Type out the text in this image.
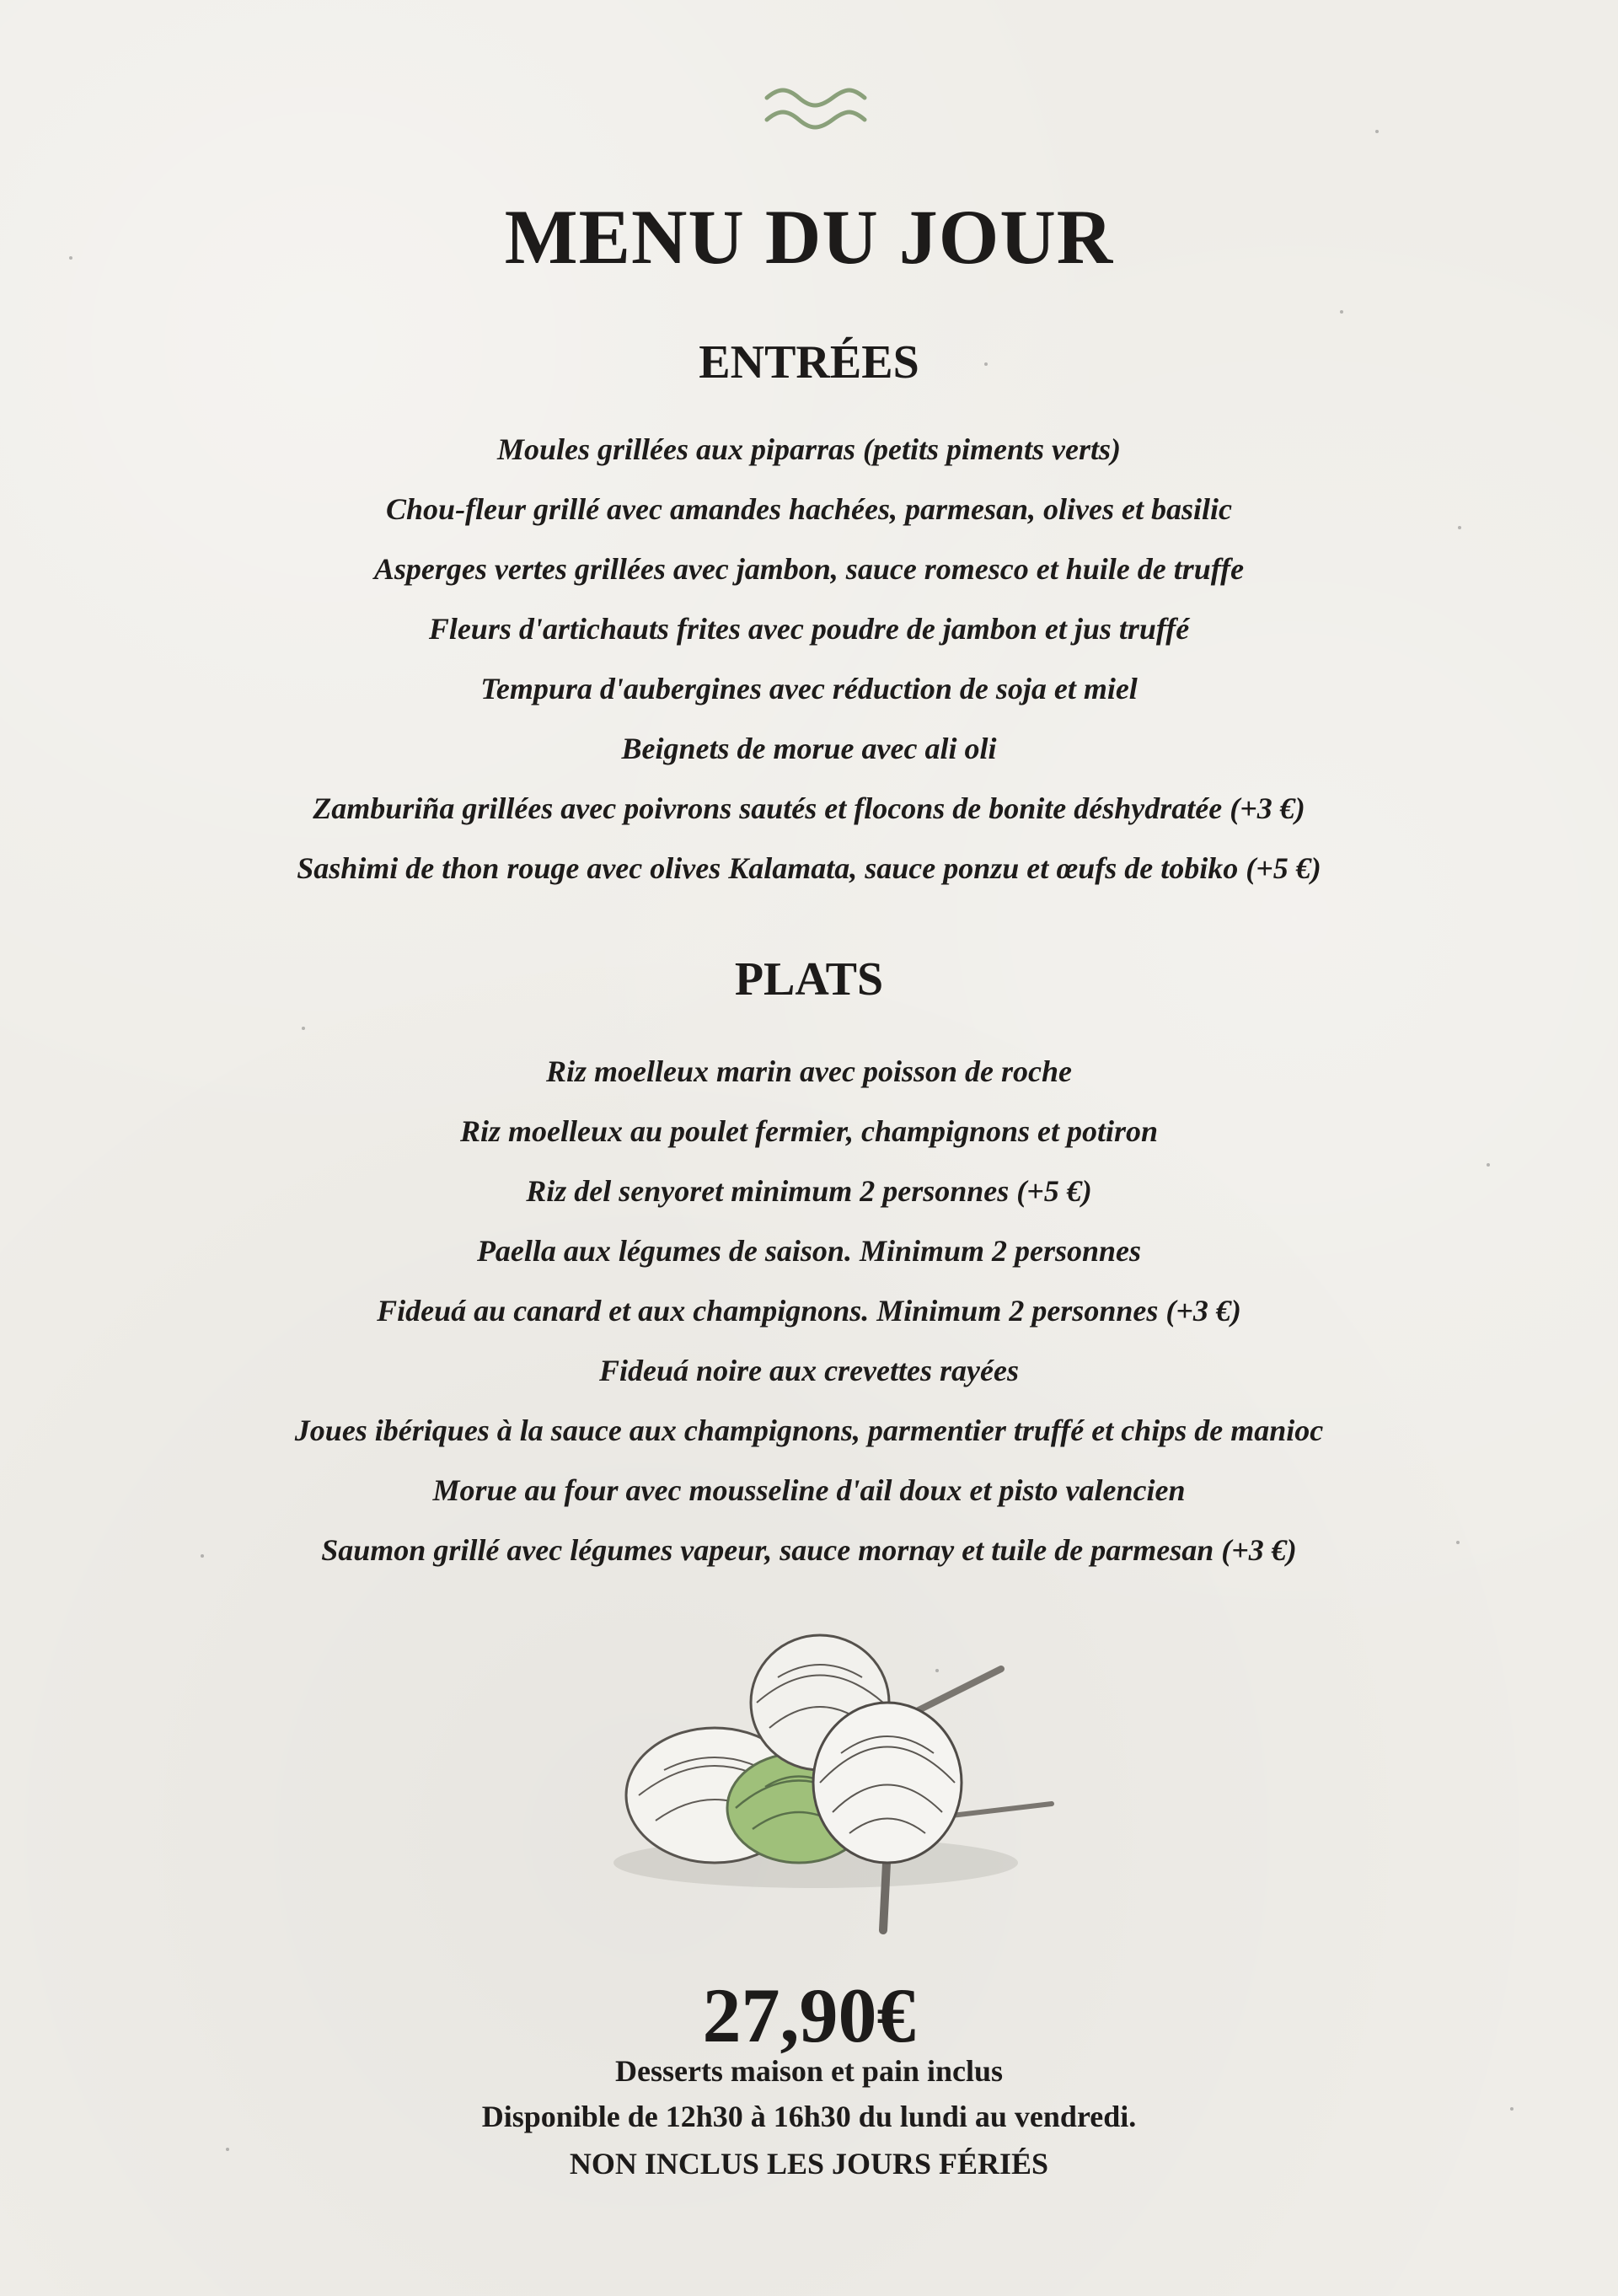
MENU DU JOUR
ENTRÉES
Moules grillées aux piparras (petits piments verts)
Chou-fleur grillé avec amandes hachées, parmesan, olives et basilic
Asperges vertes grillées avec jambon, sauce romesco et huile de truffe
Fleurs d'artichauts frites avec poudre de jambon et jus truffé
Tempura d'aubergines avec réduction de soja et miel
Beignets de morue avec ali oli
Zamburiña grillées avec poivrons sautés et flocons de bonite déshydratée (+3 €)
Sashimi de thon rouge avec olives Kalamata, sauce ponzu et œufs de tobiko (+5 €)
PLATS
Riz moelleux marin avec poisson de roche
Riz moelleux au poulet fermier, champignons et potiron
Riz del senyoret minimum 2 personnes (+5 €)
Paella aux légumes de saison. Minimum 2 personnes
Fideuá au canard et aux champignons. Minimum 2 personnes (+3 €)
Fideuá noire aux crevettes rayées
Joues ibériques à la sauce aux champignons, parmentier truffé et chips de manioc
Morue au four avec mousseline d'ail doux et pisto valencien
Saumon grillé avec légumes vapeur, sauce mornay et tuile de parmesan (+3 €)
27,90€

Desserts maison et pain inclus

Disponible de 12h30 à 16h30 du lundi au vendredi.

NON INCLUS LES JOURS FÉRIÉS
